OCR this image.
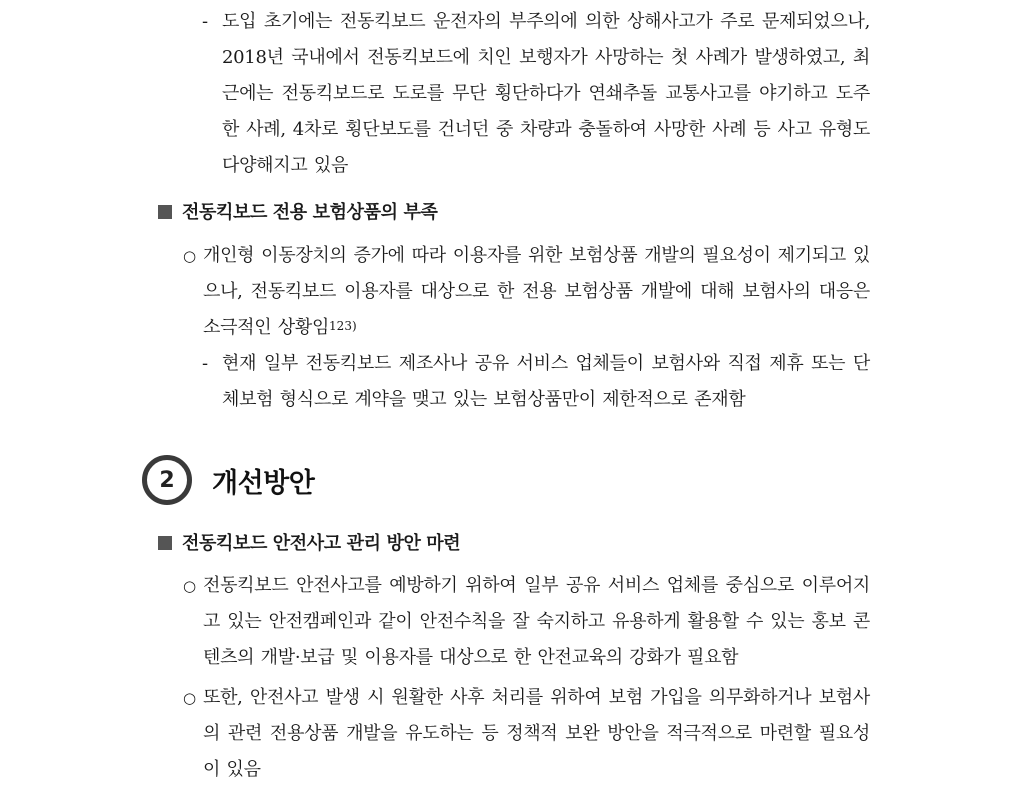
- 도입 초기에는 전동킥보드 운전자의 부주의에 의한 상해사고가 주로 문제되었으나, 2018년 국내에서 전동킥보드에 치인 보행자가 사망하는 첫 사례가 발생하였고, 최근에는 전동킥보드로 도로를 무단 횡단하다가 연쇄추돌 교통사고를 야기하고 도주한 사례, 4차로 횡단보도를 건너던 중 차량과 충돌하여 사망한 사례 등 사고 유형도 다양해지고 있음

전동킥보드 전용 보험상품의 부족

○ 개인형 이동장치의 증가에 따라 이용자를 위한 보험상품 개발의 필요성이 제기되고 있으나, 전동킥보드 이용자를 대상으로 한 전용 보험상품 개발에 대해 보험사의 대응은 소극적인 상황임$^{123)}$

- 현재 일부 전동킥보드 제조사나 공유 서비스 업체들이 보험사와 직접 제휴 또는 단체보험 형식으로 계약을 맺고 있는 보험상품만이 제한적으로 존재함

2	개선방안
전동킥보드 안전사고 관리 방안 마련

○ 전동킥보드 안전사고를 예방하기 위하여 일부 공유 서비스 업체를 중심으로 이루어지고 있는 안전캠페인과 같이 안전수칙을 잘 숙지하고 유용하게 활용할 수 있는 홍보 콘텐츠의 개발·보급 및 이용자를 대상으로 한 안전교육의 강화가 필요함

○ 또한, 안전사고 발생 시 원활한 사후 처리를 위하여 보험 가입을 의무화하거나 보험사의 관련 전용상품 개발을 유도하는 등 정책적 보완 방안을 적극적으로 마련할 필요성이 있음
